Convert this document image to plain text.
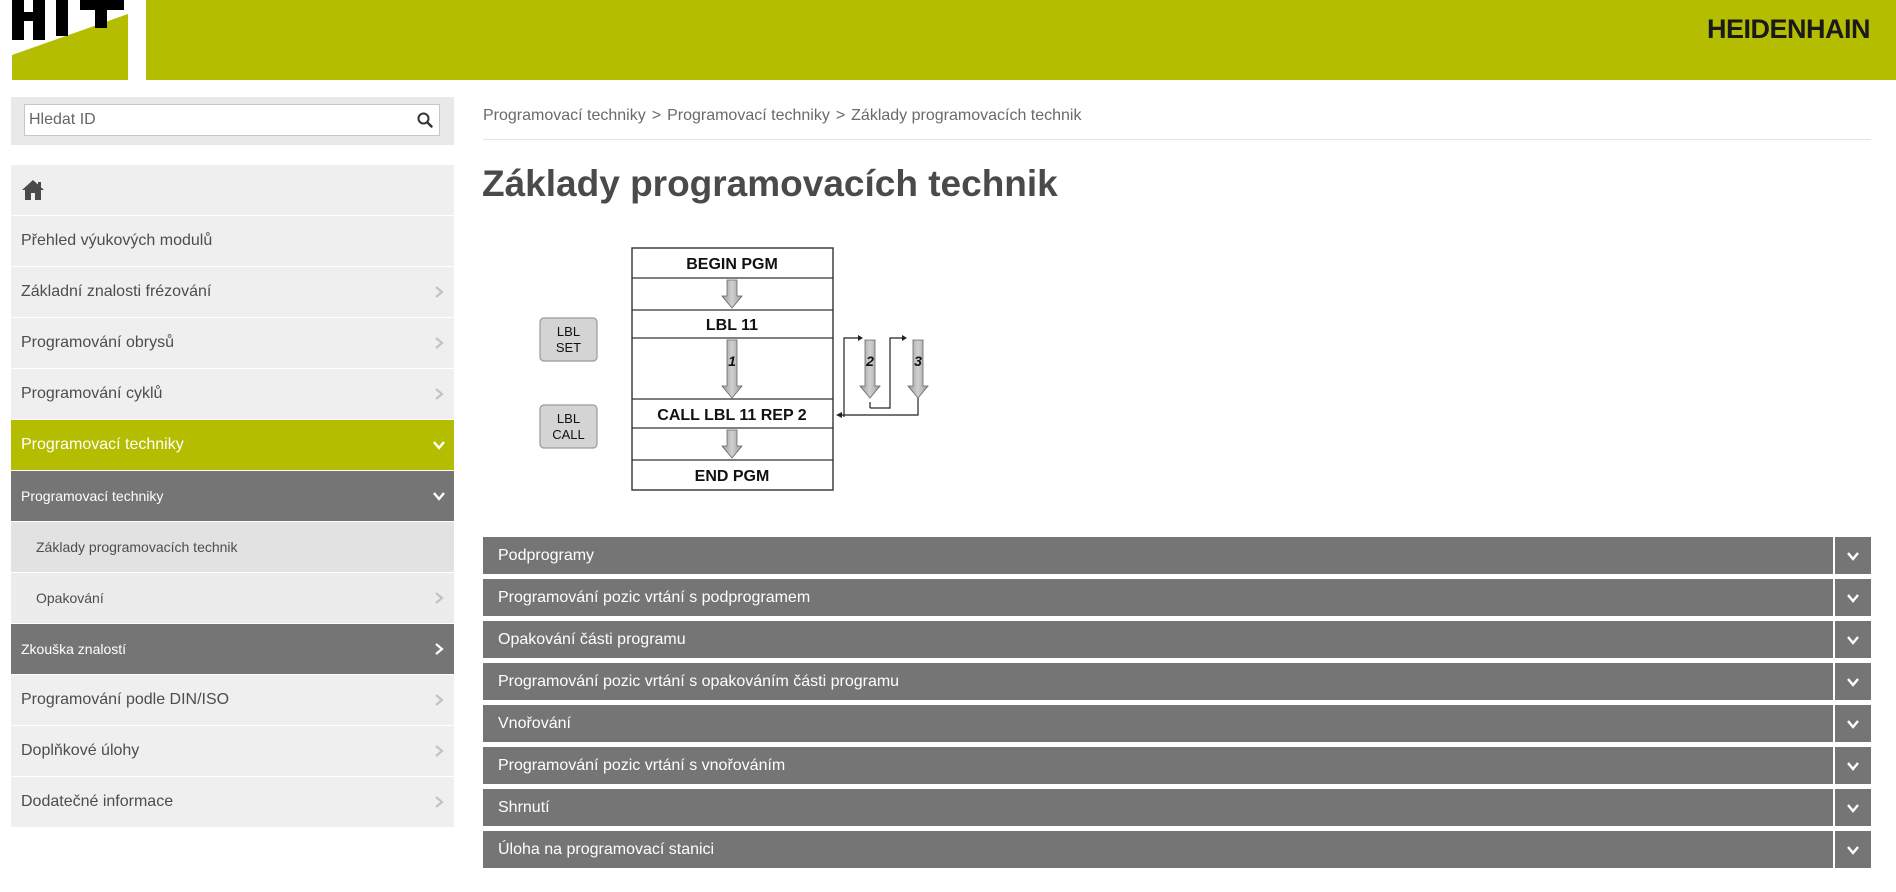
HEIDENHAIN
Hledat ID
Přehled výukových modulů
Základní znalosti frézování
Programování obrysů
Programování cyklů
Programovací techniky
Programovací techniky
Základy programovacích technik
Opakování
Zkouška znalostí
Programování podle DIN/ISO
Doplňkové úlohy
Dodatečné informace
Programovací techniky > Programovací techniky > Základy programovacích technik
Základy programovacích technik
BEGIN PGM
LBL 11
CALL LBL 11 REP 2
END PGM
1
LBL
SET
LBL
CALL
2	3
Podprogramy
Programování pozic vrtání s podprogramem
Opakování části programu
Programování pozic vrtání s opakováním části programu
Vnořování
Programování pozic vrtání s vnořováním
Shrnutí
Úloha na programovací stanici
